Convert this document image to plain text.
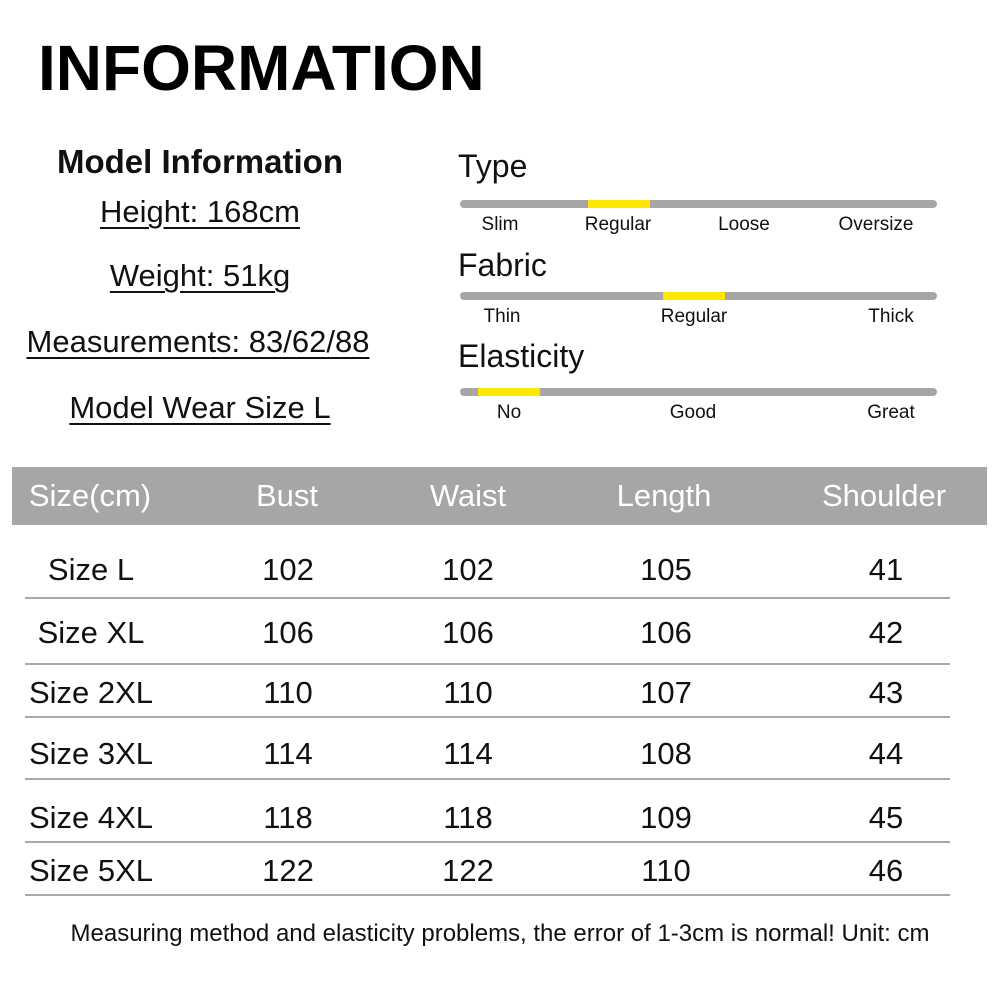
INFORMATION
Model Information
Height: 168cm
Weight: 51kg
Measurements: 83/62/88
Model Wear Size L
Type
Slim	Regular	Loose	Oversize
Fabric
Thin	Regular	Thick
Elasticity
No	Good	Great
Size(cm)	Bust	Waist	Length	Shoulder
Size L	102	102	105	41
Size XL	106	106	106	42
Size 2XL	110	110	107	43
Size 3XL	114	114	108	44
Size 4XL	118	118	109	45
Size 5XL	122	122	110	46
Measuring method and elasticity problems, the error of 1-3cm is normal! Unit: cm
